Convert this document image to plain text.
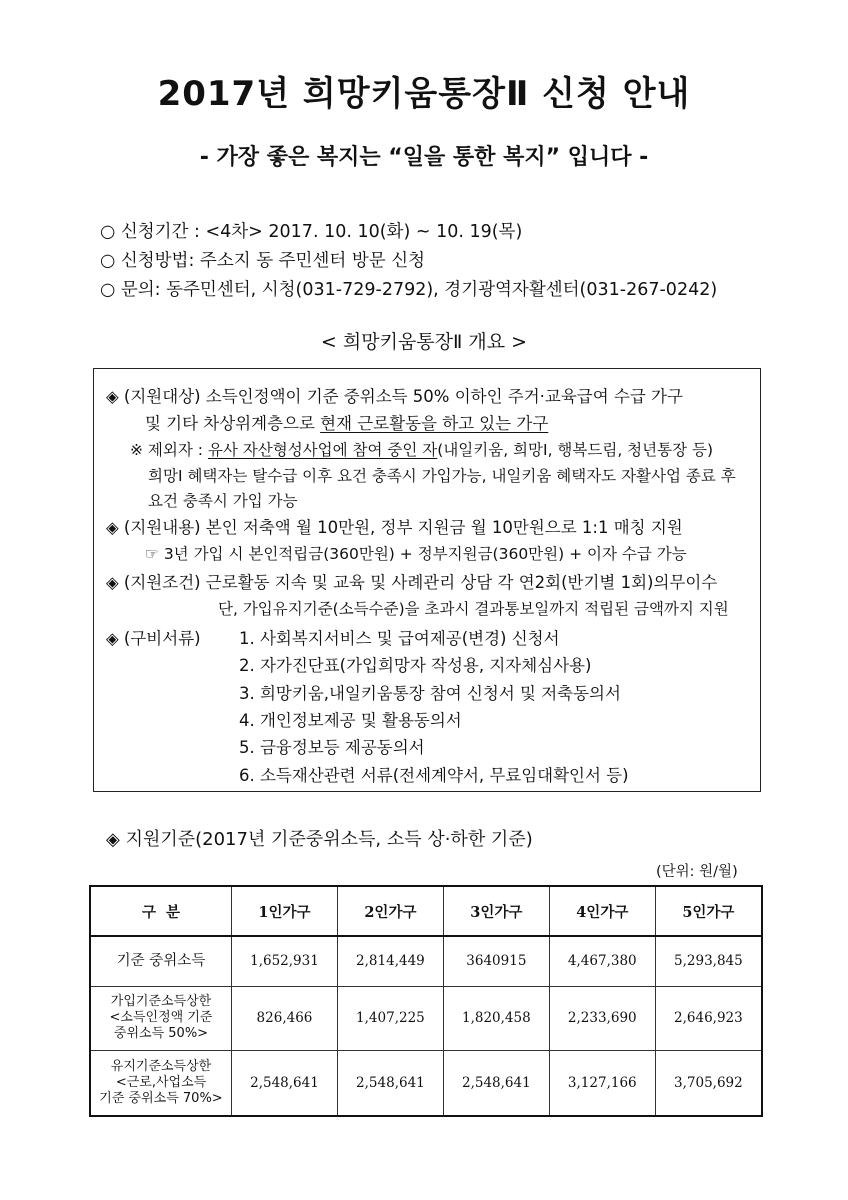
2017년 희망키움통장Ⅱ 신청 안내
- 가장 좋은 복지는 “일을 통한 복지” 입니다 -
○ 신청기간 : <4차> 2017. 10. 10(화) ~ 10. 19(목)
○ 신청방법: 주소지 동 주민센터 방문 신청
○ 문의: 동주민센터, 시청(031-729-2792), 경기광역자활센터(031-267-0242)
< 희망키움통장Ⅱ 개요 >
◈ (지원대상) 소득인정액이 기준 중위소득 50% 이하인 주거·교육급여 수급 가구
및 기타 차상위계층으로 현재 근로활동을 하고 있는 가구
※ 제외자 : 유사 자산형성사업에 참여 중인 자(내일키움, 희망Ⅰ, 행복드림, 청년통장 등)
희망Ⅰ 혜택자는 탈수급 이후 요건 충족시 가입가능, 내일키움 혜택자도 자활사업 종료 후
요건 충족시 가입 가능
◈ (지원내용) 본인 저축액 월 10만원, 정부 지원금 월 10만원으로 1:1 매칭 지원
☞ 3년 가입 시 본인적립금(360만원) + 정부지원금(360만원) + 이자 수급 가능
◈ (지원조건) 근로활동 지속 및 교육 및 사례관리 상담 각 연2회(반기별 1회)의무이수
단, 가입유지기준(소득수준)을 초과시 결과통보일까지 적립된 금액까지 지원
◈ (구비서류) 1. 사회복지서비스 및 급여제공(변경) 신청서
2. 자가진단표(가입희망자 작성용, 지자체심사용)
3. 희망키움,내일키움통장 참여 신청서 및 저축동의서
4. 개인정보제공 및 활용동의서
5. 금융정보등 제공동의서
6. 소득재산관련 서류(전세계약서, 무료임대확인서 등)
◈ 지원기준(2017년 기준중위소득, 소득 상·하한 기준)
(단위: 원/월)
구  분	1인가구	2인가구	3인가구	4인가구	5인가구
기준 중위소득	1,652,931	2,814,449	3640915	4,467,380	5,293,845

가입기준소득상한
<소득인정액 기준
중위소득 50%>	826,466	1,407,225	1,820,458	2,233,690	2,646,923

유지기준소득상한
<근로,사업소득
기준 중위소득 70%>	2,548,641	2,548,641	2,548,641	3,127,166	3,705,692
